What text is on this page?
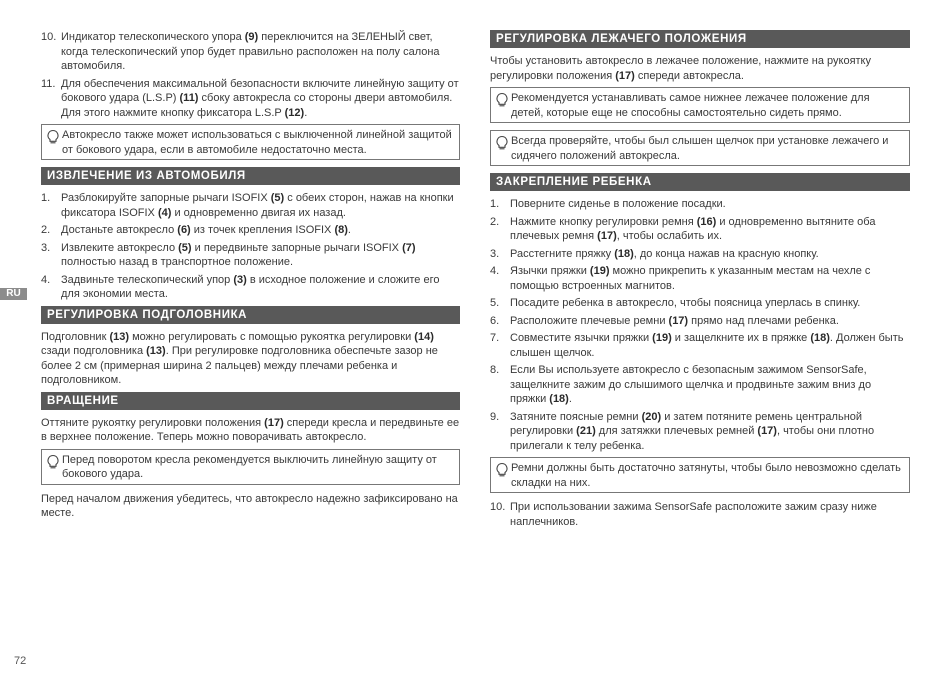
RU
72
10. Индикатор телескопического упора (9) переключится на ЗЕЛЕНЫЙ свет, когда телескопический упор будет правильно расположен на полу салона автомобиля.
11. Для обеспечения максимальной безопасности включите линейную защиту от бокового удара (L.S.P) (11) сбоку автокресла со стороны двери автомобиля. Для этого нажмите кнопку фиксатора L.S.P (12).
Автокресло также может использоваться с выключенной линейной защитой от бокового удара, если в автомобиле недостаточно места.
ИЗВЛЕЧЕНИЕ ИЗ АВТОМОБИЛЯ
1. Разблокируйте запорные рычаги ISOFIX (5) с обеих сторон, нажав на кнопки фиксатора ISOFIX (4) и одновременно двигая их назад.
2. Достаньте автокресло (6) из точек крепления ISOFIX (8).
3. Извлеките автокресло (5) и передвиньте запорные рычаги ISOFIX (7) полностью назад в транспортное положение.
4. Задвиньте телескопический упор (3) в исходное положение и сложите его для экономии места.
РЕГУЛИРОВКА ПОДГОЛОВНИКА
Подголовник (13) можно регулировать с помощью рукоятка регулировки (14) сзади подголовника (13). При регулировке подголовника обеспечьте зазор не более 2 см (примерная ширина 2 пальцев) между плечами ребенка и подголовником.
ВРАЩЕНИЕ
Оттяните рукоятку регулировки положения (17) спереди кресла и передвиньте ее в верхнее положение. Теперь можно поворачивать автокресло.
Перед поворотом кресла рекомендуется выключить линейную защиту от бокового удара.
Перед началом движения убедитесь, что автокресло надежно зафиксировано на месте.
РЕГУЛИРОВКА ЛЕЖАЧЕГО ПОЛОЖЕНИЯ
Чтобы установить автокресло в лежачее положение, нажмите на рукоятку регулировки положения (17) спереди автокресла.
Рекомендуется устанавливать самое нижнее лежачее положение для детей, которые еще не способны самостоятельно сидеть прямо.
Всегда проверяйте, чтобы был слышен щелчок при установке лежачего и сидячего положений автокресла.
ЗАКРЕПЛЕНИЕ РЕБЕНКА
1. Поверните сиденье в положение посадки.
2. Нажмите кнопку регулировки ремня (16) и одновременно вытяните оба плечевых ремня (17), чтобы ослабить их.
3. Расстегните пряжку (18), до конца нажав на красную кнопку.
4. Язычки пряжки (19) можно прикрепить к указанным местам на чехле с помощью встроенных магнитов.
5. Посадите ребенка в автокресло, чтобы поясница уперлась в спинку.
6. Расположите плечевые ремни (17) прямо над плечами ребенка.
7. Совместите язычки пряжки (19) и защелкните их в пряжке (18). Должен быть слышен щелчок.
8. Если Вы используете автокресло с безопасным зажимом SensorSafe, защелкните зажим до слышимого щелчка и продвиньте зажим вниз до пряжки (18).
9. Затяните поясные ремни (20) и затем потяните ремень центральной регулировки (21) для затяжки плечевых ремней (17), чтобы они плотно прилегали к телу ребенка.
Ремни должны быть достаточно затянуты, чтобы было невозможно сделать складки на них.
10. При использовании зажима SensorSafe расположите зажим сразу ниже наплечников.
